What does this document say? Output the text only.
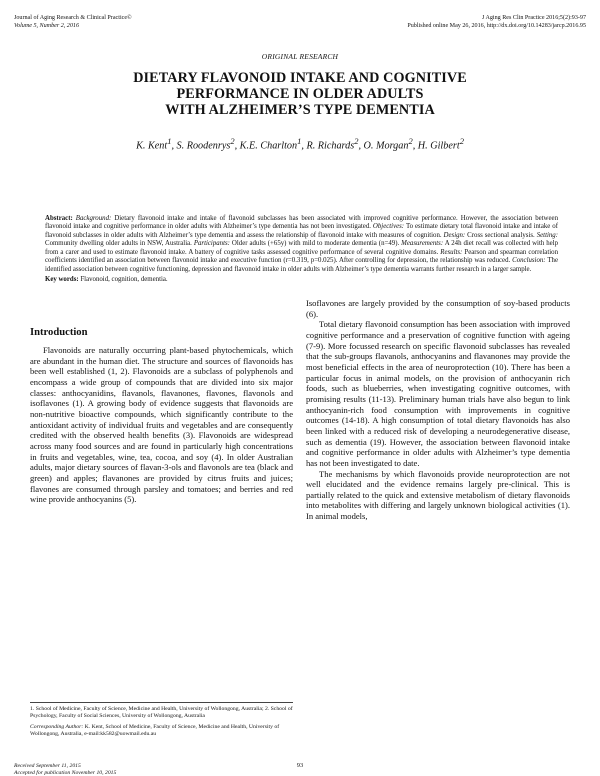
Journal of Aging Research & Clinical Practice©
Volume 5, Number 2, 2016
J Aging Res Clin Practice 2016;5(2):93-97
Published online May 26, 2016, http://dx.doi.org/10.14283/jarcp.2016.95
ORIGINAL RESEARCH
DIETARY FLAVONOID INTAKE AND COGNITIVE
PERFORMANCE IN OLDER ADULTS
WITH ALZHEIMER’S TYPE DEMENTIA
K. Kent$^1$, S. Roodenrys$^2$, K.E. Charlton$^1$, R. Richards$^2$, O. Morgan$^2$, H. Gilbert$^2$
Abstract: Background: Dietary flavonoid intake and intake of flavonoid subclasses has been associated with improved cognitive performance. However, the association between flavonoid intake and cognitive performance in older adults with Alzheimer’s type dementia has not been investigated. Objectives: To estimate dietary total flavonoid intake and intake of flavonoid subclasses in older adults with Alzheimer’s type dementia and assess the relationship of flavonoid intake with measures of cognition. Design: Cross sectional analysis. Setting: Community dwelling older adults in NSW, Australia. Participants: Older adults (+65y) with mild to moderate dementia (n=49). Measurements: A 24h diet recall was collected with help from a carer and used to estimate flavonoid intake. A battery of cognitive tasks assessed cognitive performance of several cognitive domains. Results: Pearson and spearman correlation coefficients identified an association between flavonoid intake and executive function (r=0.319, p=0.025). After controlling for depression, the relationship was reduced. Conclusion: The identified association between cognitive functioning, depression and flavonoid intake in older adults with Alzheimer’s type dementia warrants further research in a larger sample.
Key words: Flavonoid, cognition, dementia.
Introduction

Flavonoids are naturally occurring plant-based phytochemicals, which are abundant in the human diet. The structure and sources of flavonoids has been well established (1, 2). Flavonoids are a subclass of polyphenols and encompass a wide group of compounds that are divided into six major classes: anthocyanidins, flavanols, flavanones, flavones, flavonols and isoflavones (1). A growing body of evidence suggests that flavonoids are non-nutritive bioactive compounds, which significantly contribute to the antioxidant activity of individual fruits and vegetables and are consequently credited with the observed health benefits (3). Flavonoids are widespread across many food sources and are found in particularly high concentrations in fruits and vegetables, wine, tea, cocoa, and soy (4). In older Australian adults, major dietary sources of flavan-3-ols and flavonols are tea (black and green) and apples; flavanones are provided by citrus fruits and juices; flavones are consumed through parsley and tomatoes; and berries and red wine provide anthocyanins (5).

Isoflavones are largely provided by the consumption of soy-based products (6).

Total dietary flavonoid consumption has been association with improved cognitive performance and a preservation of cognitive function with ageing (7-9). More focussed research on specific flavonoid subclasses has revealed that the sub-groups flavanols, anthocyanins and flavanones may provide the most beneficial effects in the area of neuroprotection (10). There has been a particular focus in animal models, on the provision of anthocyanin rich foods, such as blueberries, when investigating cognitive outcomes, with promising results (11-13). Preliminary human trials have also begun to link anthocyanin-rich food consumption with improvements in cognitive outcomes (14-18). A high consumption of total dietary flavonoids has also been linked with a reduced risk of developing a neurodegenerative disease, such as dementia (19). However, the association between flavonoid intake and cognitive performance in older adults with Alzheimer’s type dementia has not been investigated to date.

The mechanisms by which flavonoids provide neuroprotection are not well elucidated and the evidence remains largely pre-clinical. This is partially related to the quick and extensive metabolism of dietary flavonoids into metabolites with differing and largely unknown biological activities (1). In animal models,

1. School of Medicine, Faculty of Science, Medicine and Health, University of Wollongong, Australia; 2. School of Psychology, Faculty of Social Sciences, University of Wollongong, Australia
Corresponding Author: K. Kent, School of Medicine, Faculty of Science, Medicine and Health, University of Wollongong, Australia, e-mail:kk582@uowmail.edu.au
Received September 11, 2015
Accepted for publication November 10, 2015
93
